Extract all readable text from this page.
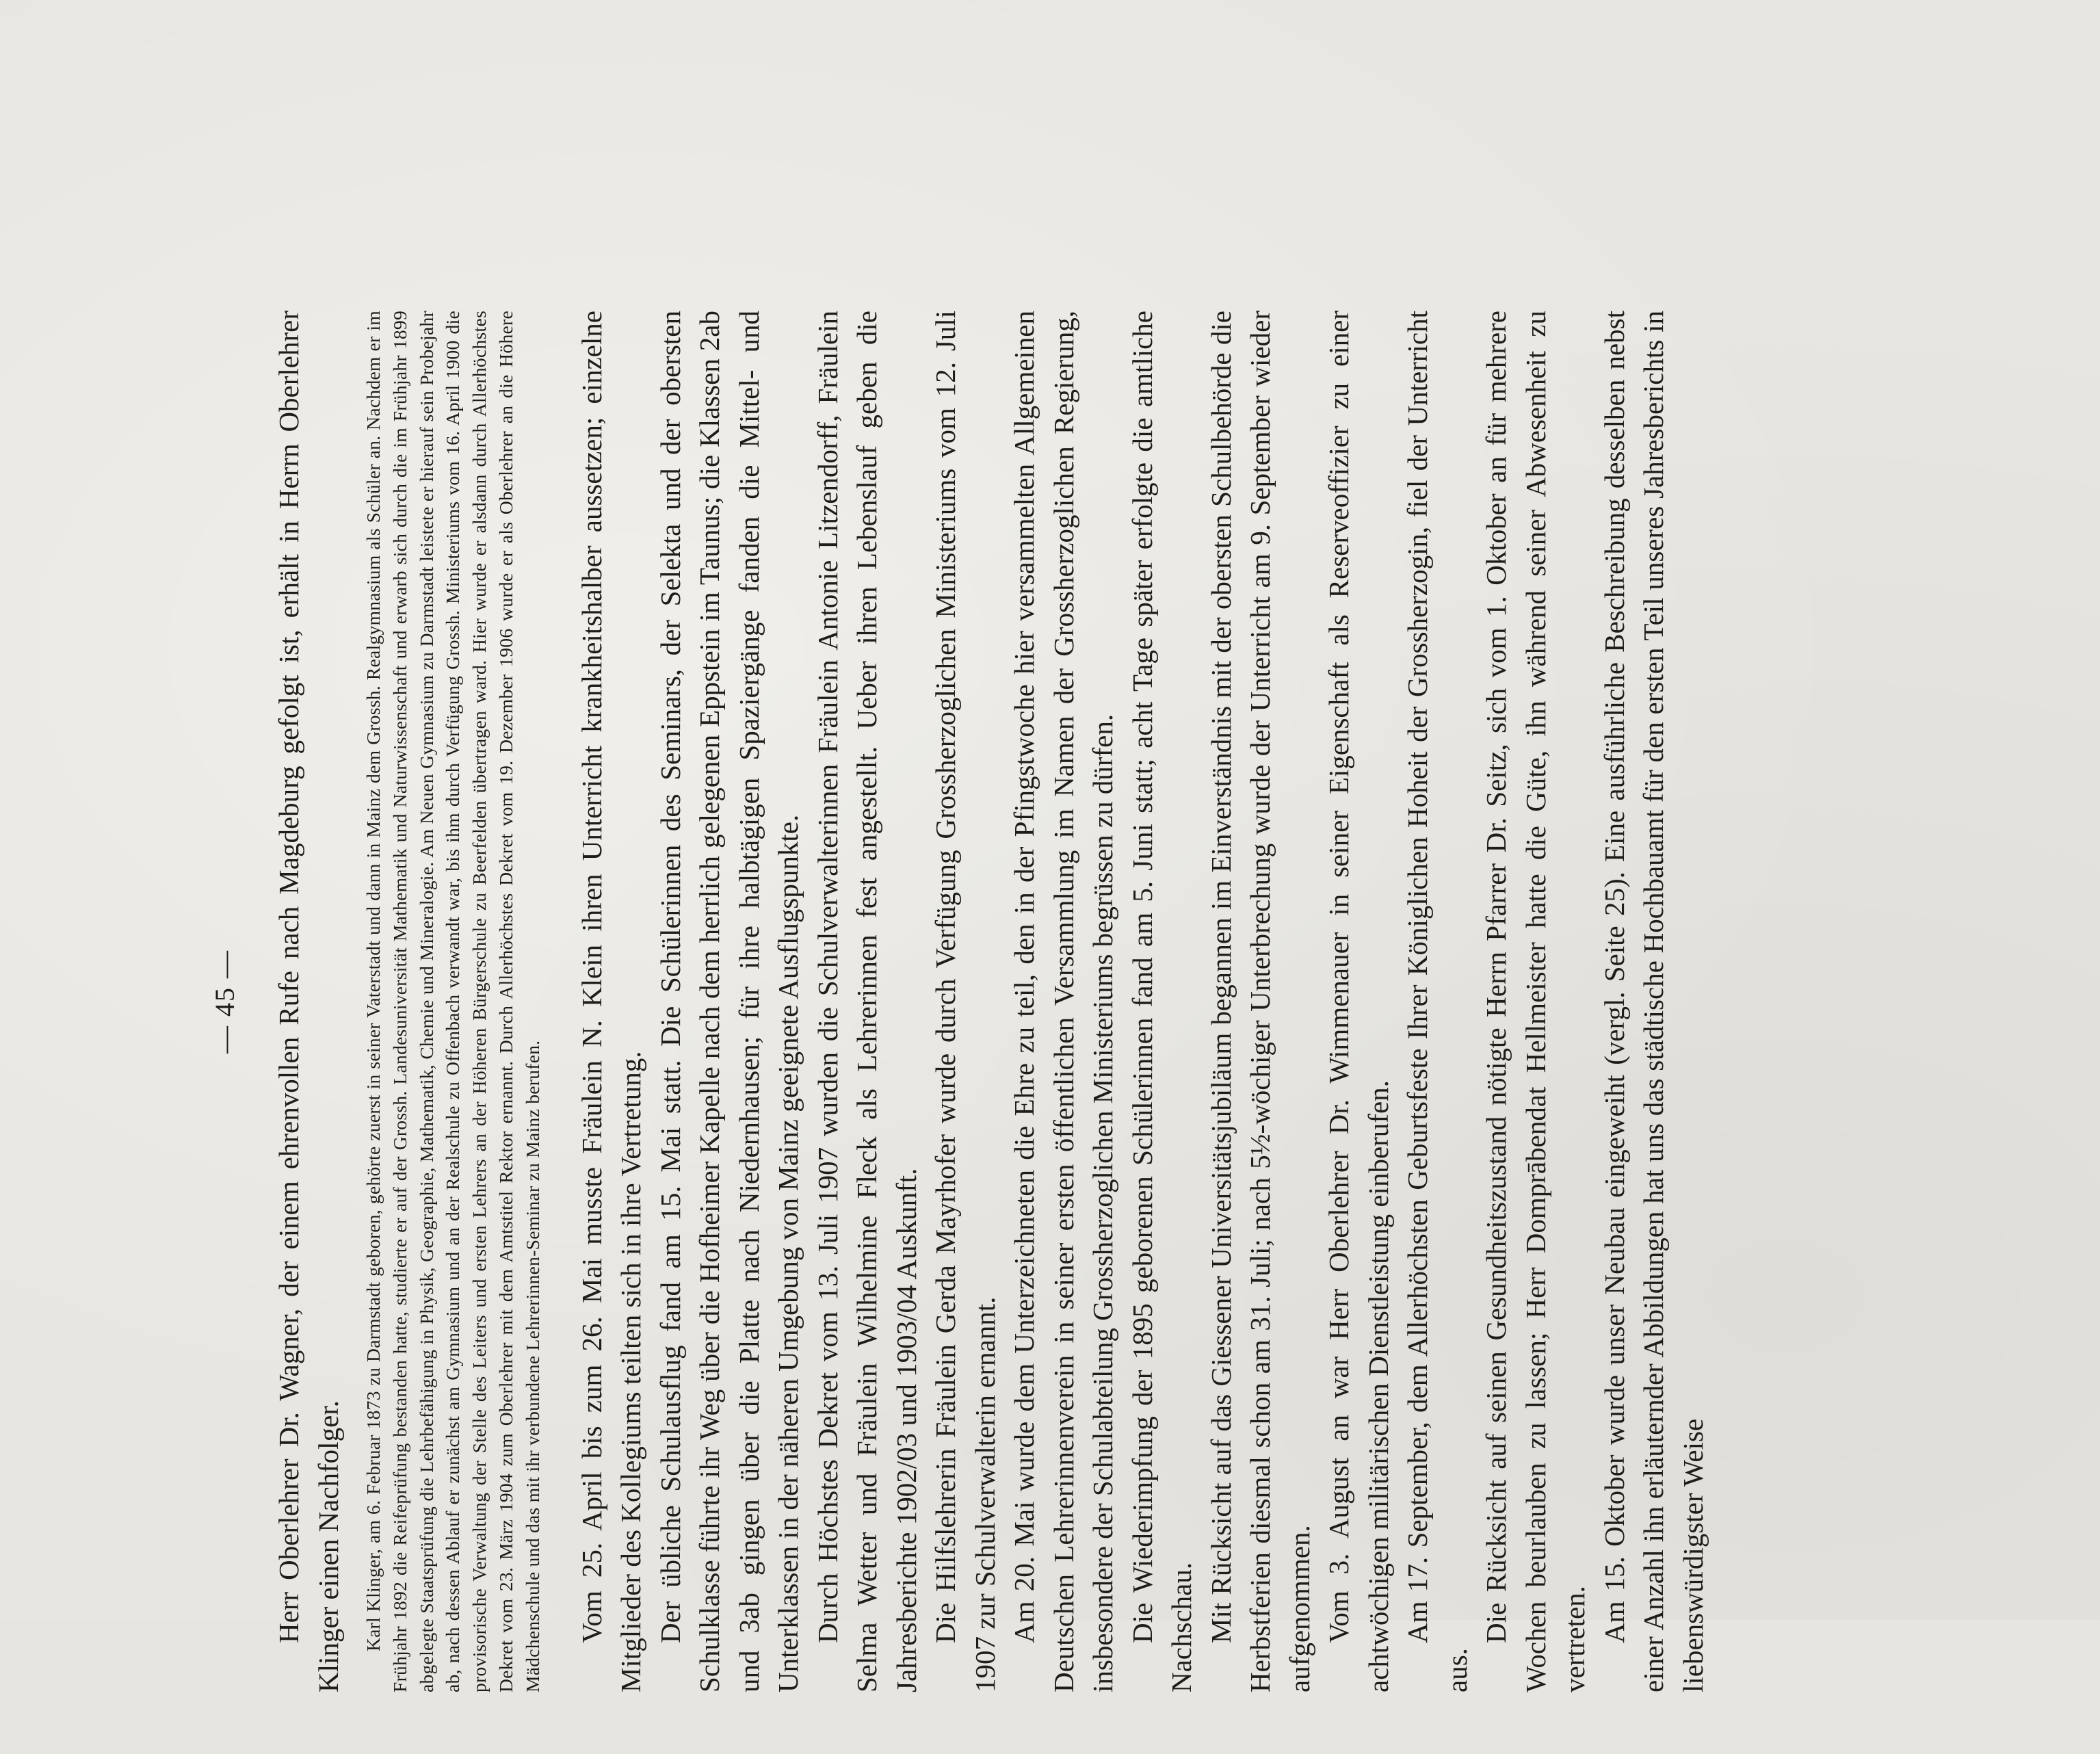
— 45 — Herr Oberlehrer Dr. Wagner, der einem ehrenvollen Rufe nach Magdeburg gefolgt ist, erhält in Herrn Oberlehrer Klinger einen Nachfolger. Karl Klinger, am 6. Februar 1873 zu Darmstadt geboren, gehörte zuerst in seiner Vaterstadt und dann in Mainz dem Grossh. Realgymnasium als Schüler an. Nachdem er im Frühjahr 1892 die Reifeprüfung bestanden hatte, studierte er auf der Grossh. Landesuniversität Mathematik und Naturwissenschaft und erwarb sich durch die im Frühjahr 1899 abgelegte Staatsprüfung die Lehrbefähigung in Physik, Geographie, Mathematik, Chemie und Mineralogie. Am Neuen Gymnasium zu Darmstadt leistete er hierauf sein Probejahr ab, nach dessen Ablauf er zunächst am Gymnasium und an der Realschule zu Offenbach verwandt war, bis ihm durch Verfügung Grossh. Ministeriums vom 16. April 1900 die provisorische Verwaltung der Stelle des Leiters und ersten Lehrers an der Höheren Bürgerschule zu Beerfelden übertragen ward. Hier wurde er alsdann durch Allerhöchstes Dekret vom 23. März 1904 zum Oberlehrer mit dem Amtstitel Rektor ernannt. Durch Allerhöchstes Dekret vom 19. Dezember 1906 wurde er als Oberlehrer an die Höhere Mädchenschule und das mit ihr verbundene Lehrerinnen-Seminar zu Mainz berufen. Vom 25. April bis zum 26. Mai musste Fräulein N. Klein ihren Unterricht krankheitshalber aussetzen; einzelne Mitglieder des Kollegiums teilten sich in ihre Vertretung. Der übliche Schulausflug fand am 15. Mai statt. Die Schülerinnen des Seminars, der Selekta und der obersten Schulklasse führte ihr Weg über die Hofheimer Kapelle nach dem herrlich gelegenen Eppstein im Taunus; die Klassen 2ab und 3ab gingen über die Platte nach Niedernhausen; für ihre halbtägigen Spaziergänge fanden die Mittel- und Unterklassen in der näheren Umgebung von Mainz geeignete Ausflugspunkte. Durch Höchstes Dekret vom 13. Juli 1907 wurden die Schulverwalterinnen Fräulein Antonie Litzendorff, Fräulein Selma Wetter und Fräulein Wilhelmine Fleck als Lehrerinnen fest angestellt. Ueber ihren Lebenslauf geben die Jahresberichte 1902/03 und 1903/04 Auskunft. Die Hilfslehrerin Fräulein Gerda Mayrhofer wurde durch Verfügung Grossherzoglichen Ministeriums vom 12. Juli 1907 zur Schulverwalterin ernannt. Am 20. Mai wurde dem Unterzeichneten die Ehre zu teil, den in der Pfingstwoche hier versammelten Allgemeinen Deutschen Lehrerinnenverein in seiner ersten öffentlichen Versammlung im Namen der Grossherzoglichen Regierung, insbesondere der Schulabteilung Grossherzoglichen Ministeriums begrüssen zu dürfen. Die Wiederimpfung der 1895 geborenen Schülerinnen fand am 5. Juni statt; acht Tage später erfolgte die amtliche Nachschau. Mit Rücksicht auf das Giessener Universitätsjubiläum begannen im Einverständnis mit der obersten Schulbehörde die Herbstferien diesmal schon am 31. Juli; nach 5½-wöchiger Unterbrechung wurde der Unterricht am 9. September wieder aufgenommen. Vom 3. August an war Herr Oberlehrer Dr. Wimmenauer in seiner Eigenschaft als Reserveoffizier zu einer achtwöchigen militärischen Dienstleistung einberufen. Am 17. September, dem Allerhöchsten Geburtsfeste Ihrer Königlichen Hoheit der Grossherzogin, fiel der Unterricht aus.

Die Rücksicht auf seinen Gesundheitszustand nötigte Herrn Pfarrer Dr. Seitz, sich vom 1. Oktober an für mehrere Wochen beurlauben zu lassen; Herr Domprābendat Hellmeister hatte die Güte, ihn während seiner Abwesenheit zu vertreten. Am 15. Oktober wurde unser Neubau eingeweiht (vergl. Seite 25). Eine ausführliche Beschreibung desselben nebst einer Anzahl ihn erläuternder Abbildungen hat uns das städtische Hochbauamt für den ersten Teil unseres Jahresberichts in liebenswürdigster Weise
